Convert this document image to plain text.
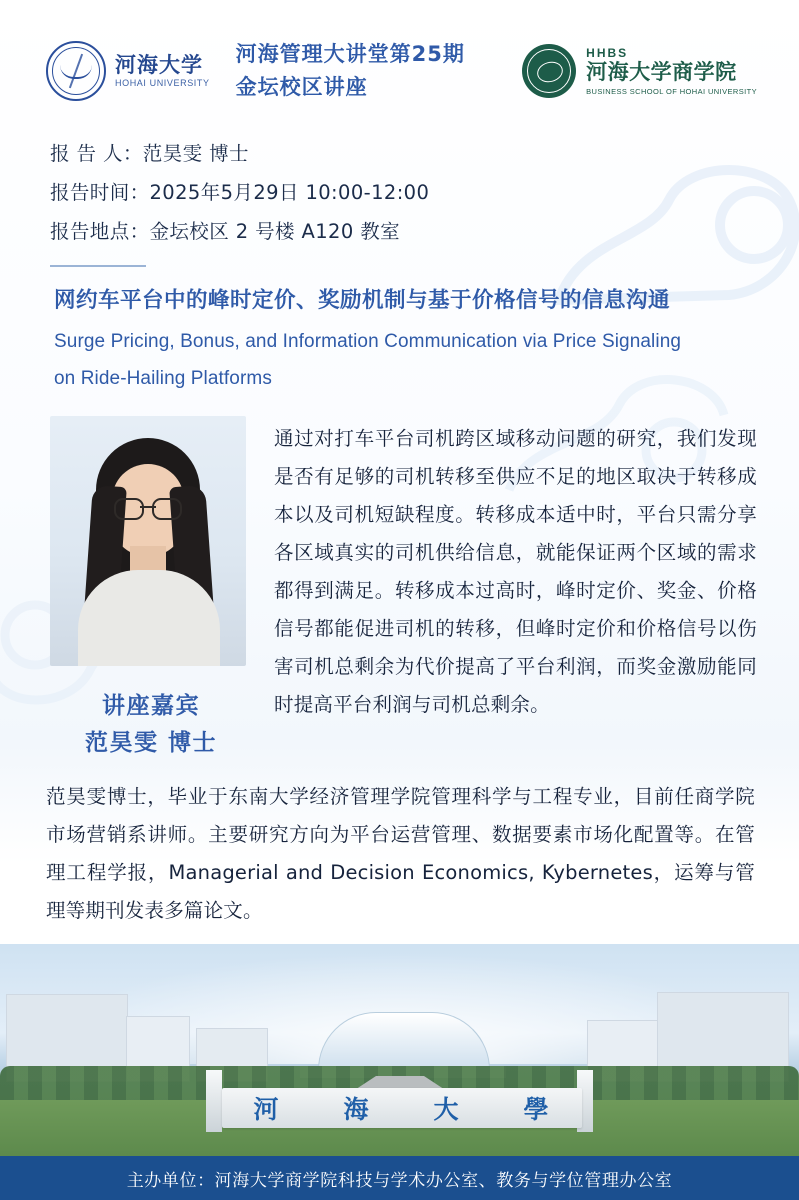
河海大学
HOHAI UNIVERSITY
河海管理大讲堂第25期
金坛校区讲座
HHBS
河海大学商学院
BUSINESS SCHOOL OF HOHAI UNIVERSITY
报 告 人：范昊雯 博士
报告时间：2025年5月29日 10:00-12:00
报告地点：金坛校区 2 号楼 A120 教室
网约车平台中的峰时定价、奖励机制与基于价格信号的信息沟通
Surge Pricing, Bonus, and Information Communication via Price Signaling
on Ride-Hailing Platforms
讲座嘉宾
范昊雯 博士
通过对打车平台司机跨区域移动问题的研究，我们发现是否有足够的司机转移至供应不足的地区取决于转移成本以及司机短缺程度。转移成本适中时，平台只需分享各区域真实的司机供给信息，就能保证两个区域的需求都得到满足。转移成本过高时，峰时定价、奖金、价格信号都能促进司机的转移，但峰时定价和价格信号以伤害司机总剩余为代价提高了平台利润，而奖金激励能同时提高平台利润与司机总剩余。
范昊雯博士，毕业于东南大学经济管理学院管理科学与工程专业，目前任商学院市场营销系讲师。主要研究方向为平台运营管理、数据要素市场化配置等。在管理工程学报，Managerial and Decision Economics, Kybernetes，运筹与管理等期刊发表多篇论文。
河	海	大	學
主办单位：河海大学商学院科技与学术办公室、教务与学位管理办公室
